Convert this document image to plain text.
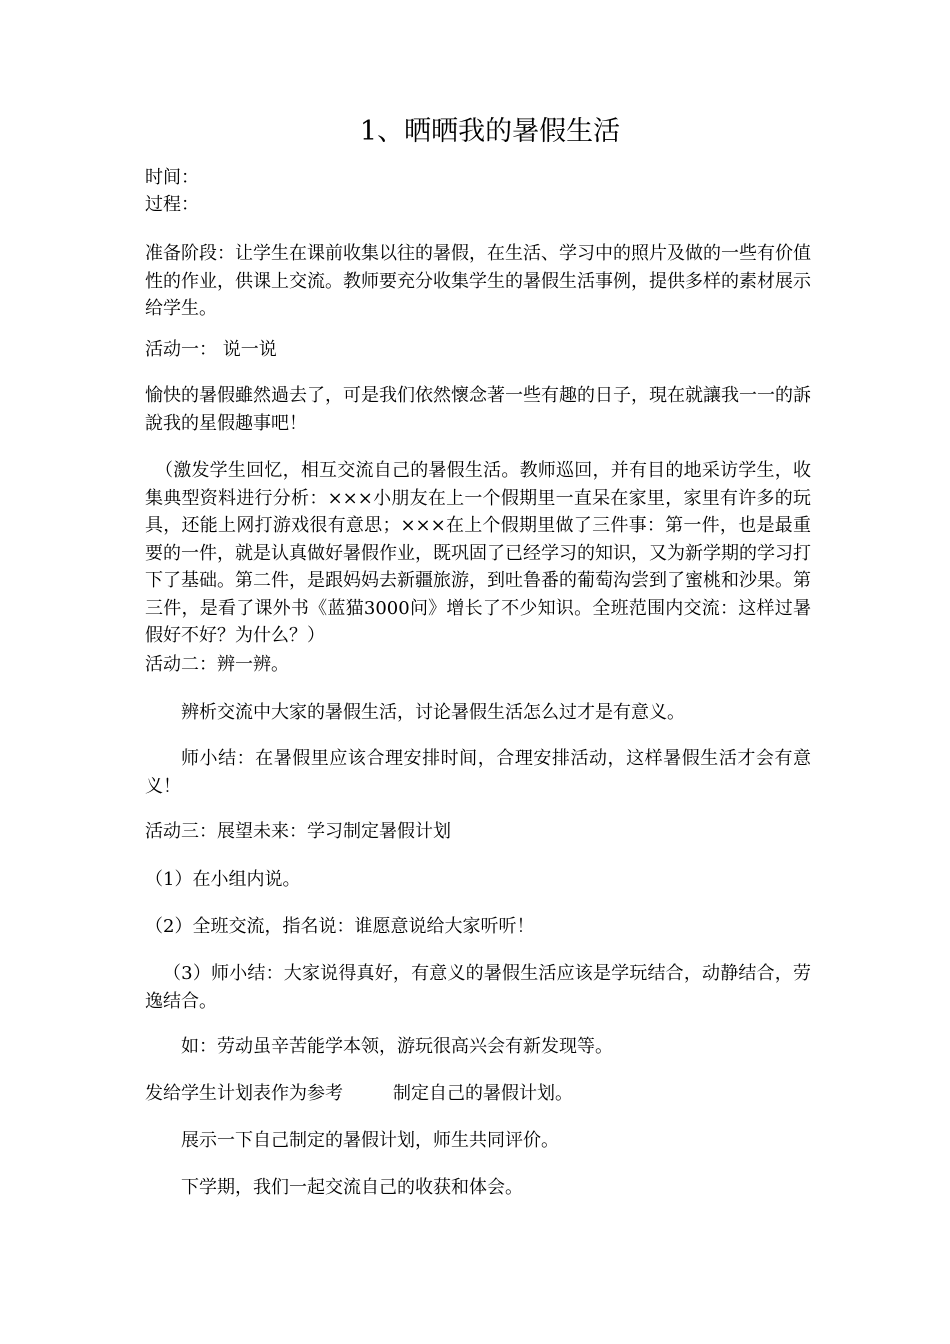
1、晒晒我的暑假生活
时间：
过程：
准备阶段：让学生在课前收集以往的暑假，在生活、学习中的照片及做的一些有价值性的作业，供课上交流。教师要充分收集学生的暑假生活事例，提供多样的素材展示给学生。
活动一： 说一说
愉快的暑假雖然過去了，可是我们依然懷念著一些有趣的日子，現在就讓我一一的訴說我的星假趣事吧！
（激发学生回忆，相互交流自己的暑假生活。教师巡回，并有目的地采访学生，收集典型资料进行分析：×××小朋友在上一个假期里一直呆在家里，家里有许多的玩具，还能上网打游戏很有意思；×××在上个假期里做了三件事：第一件，也是最重要的一件，就是认真做好暑假作业，既巩固了已经学习的知识，又为新学期的学习打下了基础。第二件，是跟妈妈去新疆旅游，到吐鲁番的葡萄沟尝到了蜜桃和沙果。第三件，是看了课外书《蓝猫3000问》增长了不少知识。全班范围内交流：这样过暑假好不好？为什么？）
活动二：辨一辨。
辨析交流中大家的暑假生活，讨论暑假生活怎么过才是有意义。
师小结：在暑假里应该合理安排时间，合理安排活动，这样暑假生活才会有意义！
活动三：展望未来：学习制定暑假计划
（1）在小组内说。
（2）全班交流，指名说：谁愿意说给大家听听！
（3）师小结：大家说得真好，有意义的暑假生活应该是学玩结合，动静结合，劳逸结合。
如：劳动虽辛苦能学本领，游玩很高兴会有新发现等。
发给学生计划表作为参考	制定自己的暑假计划。
展示一下自己制定的暑假计划，师生共同评价。
下学期，我们一起交流自己的收获和体会。
